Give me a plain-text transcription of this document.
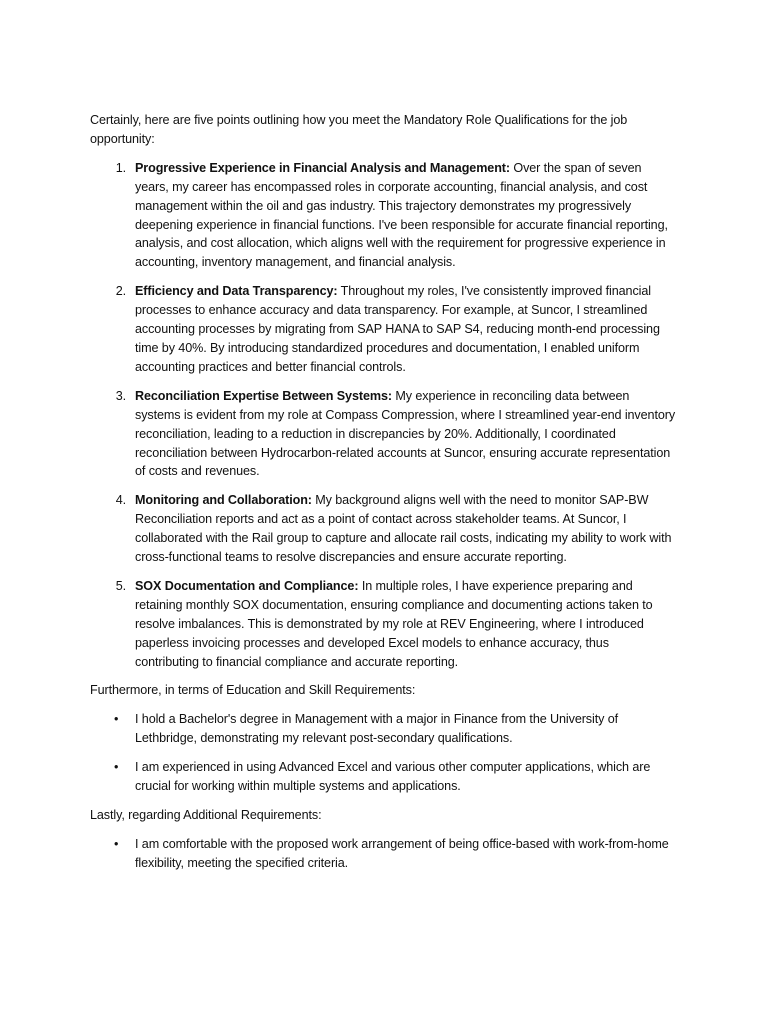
Certainly, here are five points outlining how you meet the Mandatory Role Qualifications for the job opportunity:

1. Progressive Experience in Financial Analysis and Management: Over the span of seven years, my career has encompassed roles in corporate accounting, financial analysis, and cost management within the oil and gas industry. This trajectory demonstrates my progressively deepening experience in financial functions. I've been responsible for accurate financial reporting, analysis, and cost allocation, which aligns well with the requirement for progressive experience in accounting, inventory management, and financial analysis.
2. Efficiency and Data Transparency: Throughout my roles, I've consistently improved financial processes to enhance accuracy and data transparency. For example, at Suncor, I streamlined accounting processes by migrating from SAP HANA to SAP S4, reducing month-end processing time by 40%. By introducing standardized procedures and documentation, I enabled uniform accounting practices and better financial controls.
3. Reconciliation Expertise Between Systems: My experience in reconciling data between systems is evident from my role at Compass Compression, where I streamlined year-end inventory reconciliation, leading to a reduction in discrepancies by 20%. Additionally, I coordinated reconciliation between Hydrocarbon-related accounts at Suncor, ensuring accurate representation of costs and revenues.
4. Monitoring and Collaboration: My background aligns well with the need to monitor SAP-BW Reconciliation reports and act as a point of contact across stakeholder teams. At Suncor, I collaborated with the Rail group to capture and allocate rail costs, indicating my ability to work with cross-functional teams to resolve discrepancies and ensure accurate reporting.
5. SOX Documentation and Compliance: In multiple roles, I have experience preparing and retaining monthly SOX documentation, ensuring compliance and documenting actions taken to resolve imbalances. This is demonstrated by my role at REV Engineering, where I introduced paperless invoicing processes and developed Excel models to enhance accuracy, thus contributing to financial compliance and accurate reporting.

Furthermore, in terms of Education and Skill Requirements:

•	I hold a Bachelor's degree in Management with a major in Finance from the University of Lethbridge, demonstrating my relevant post-secondary qualifications.
•	I am experienced in using Advanced Excel and various other computer applications, which are crucial for working within multiple systems and applications.

Lastly, regarding Additional Requirements:

•	I am comfortable with the proposed work arrangement of being office-based with work-from-home flexibility, meeting the specified criteria.
